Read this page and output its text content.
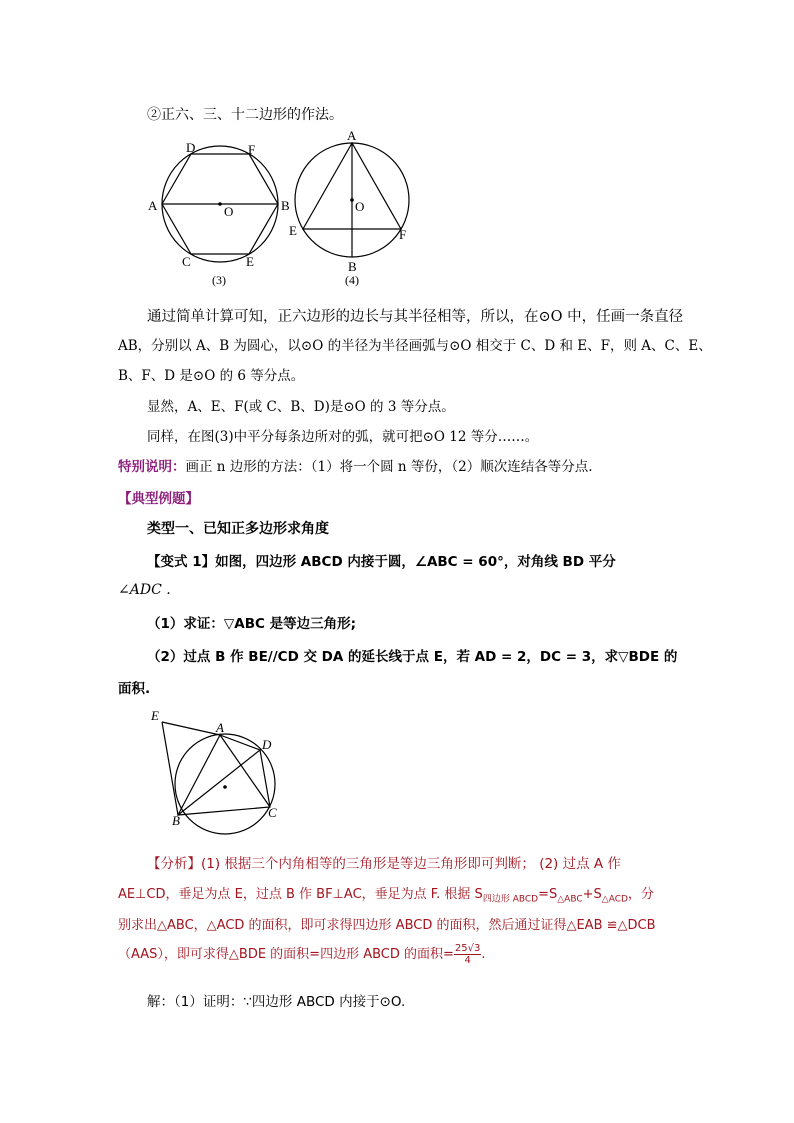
②正六、三、十二边形的作法。
A	B
D	F
C	E
O
(3)
A
O
E	F
B
(4)
通过简单计算可知，正六边形的边长与其半径相等，所以，在⊙O 中，任画一条直径
AB，分别以 A、B 为圆心，以⊙O 的半径为半径画弧与⊙O 相交于 C、D 和 E、F，则 A、C、E、
B、F、D 是⊙O 的 6 等分点。
显然，A、E、F(或 C、B、D)是⊙O 的 3 等分点。
同样，在图(3)中平分每条边所对的弧，就可把⊙O 12 等分……。
特别说明：画正 n 边形的方法：（1）将一个圆 n 等份，（2）顺次连结各等分点.
【典型例题】
类型一、已知正多边形求角度
【变式 1】如图，四边形 ABCD 内接于圆，∠ABC = 60°，对角线 BD 平分
∠ADC .
（1）求证：▽ABC 是等边三角形;
（2）过点 B 作 BE//CD 交 DA 的延长线于点 E，若 AD = 2，DC = 3，求▽BDE 的
面积.
E
A
D
C
B
【分析】(1) 根据三个内角相等的三角形是等边三角形即可判断； (2) 过点 A 作
AE⊥CD，垂足为点 E，过点 B 作 BF⊥AC，垂足为点 F. 根据 $S_{四边形 ABCD}=S_{\triangle ABC}+S_{\triangle ACD}$，分
别求出△ABC，△ACD 的面积，即可求得四边形 ABCD 的面积，然后通过证得△EAB ≌△DCB
（AAS），即可求得△BDE 的面积=四边形 ABCD 的面积= $\frac{25√3}{4}$ .
解：（1）证明：∵四边形 ABCD 内接于⊙O.
